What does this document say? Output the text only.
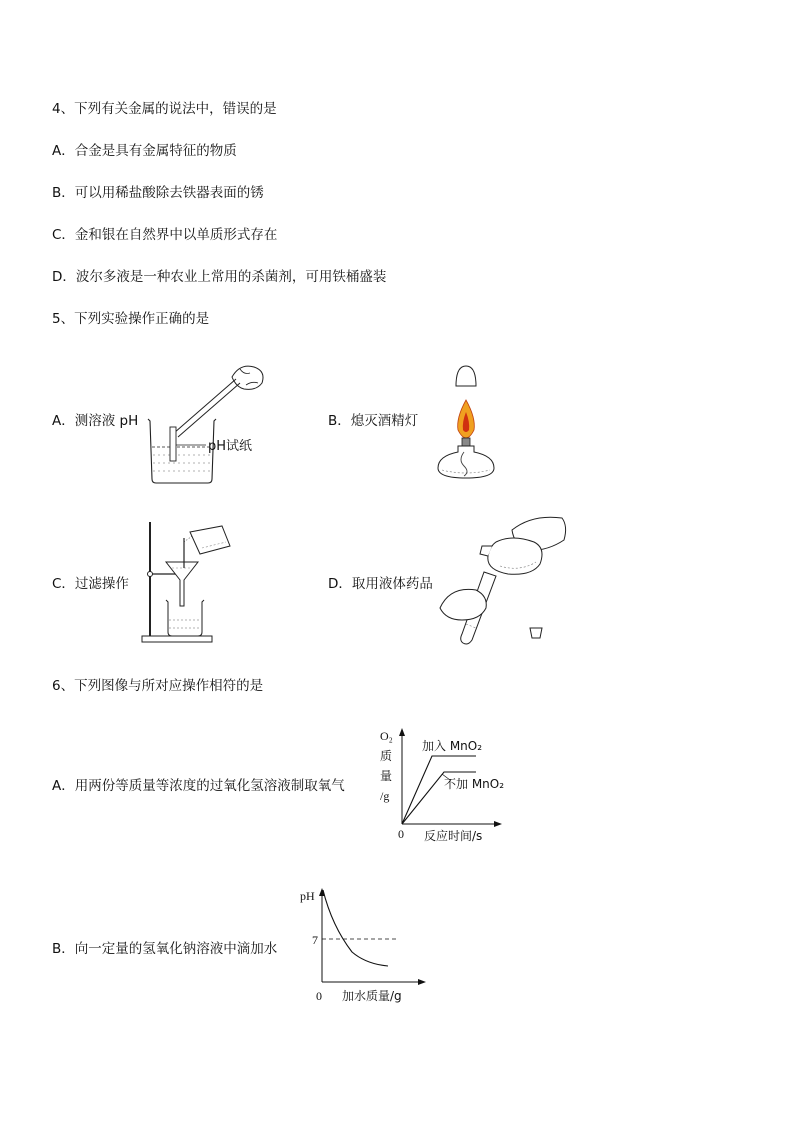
4、下列有关金属的说法中，错误的是
A．合金是具有金属特征的物质
B．可以用稀盐酸除去铁器表面的锈
C．金和银在自然界中以单质形式存在
D．波尔多液是一种农业上常用的杀菌剂，可用铁桶盛装
5、下列实验操作正确的是
A．测溶液 pH
pH试纸
B．熄灭酒精灯
C．过滤操作	D．取用液体药品
6、下列图像与所对应操作相符的是
A．用两份等质量等浓度的过氧化氢溶液制取氧气
O₂
质
量
/g
加入 MnO₂
不加 MnO₂
0 反应时间/s
B．向一定量的氢氧化钠溶液中滴加水
pH
7
0 加水质量/g
